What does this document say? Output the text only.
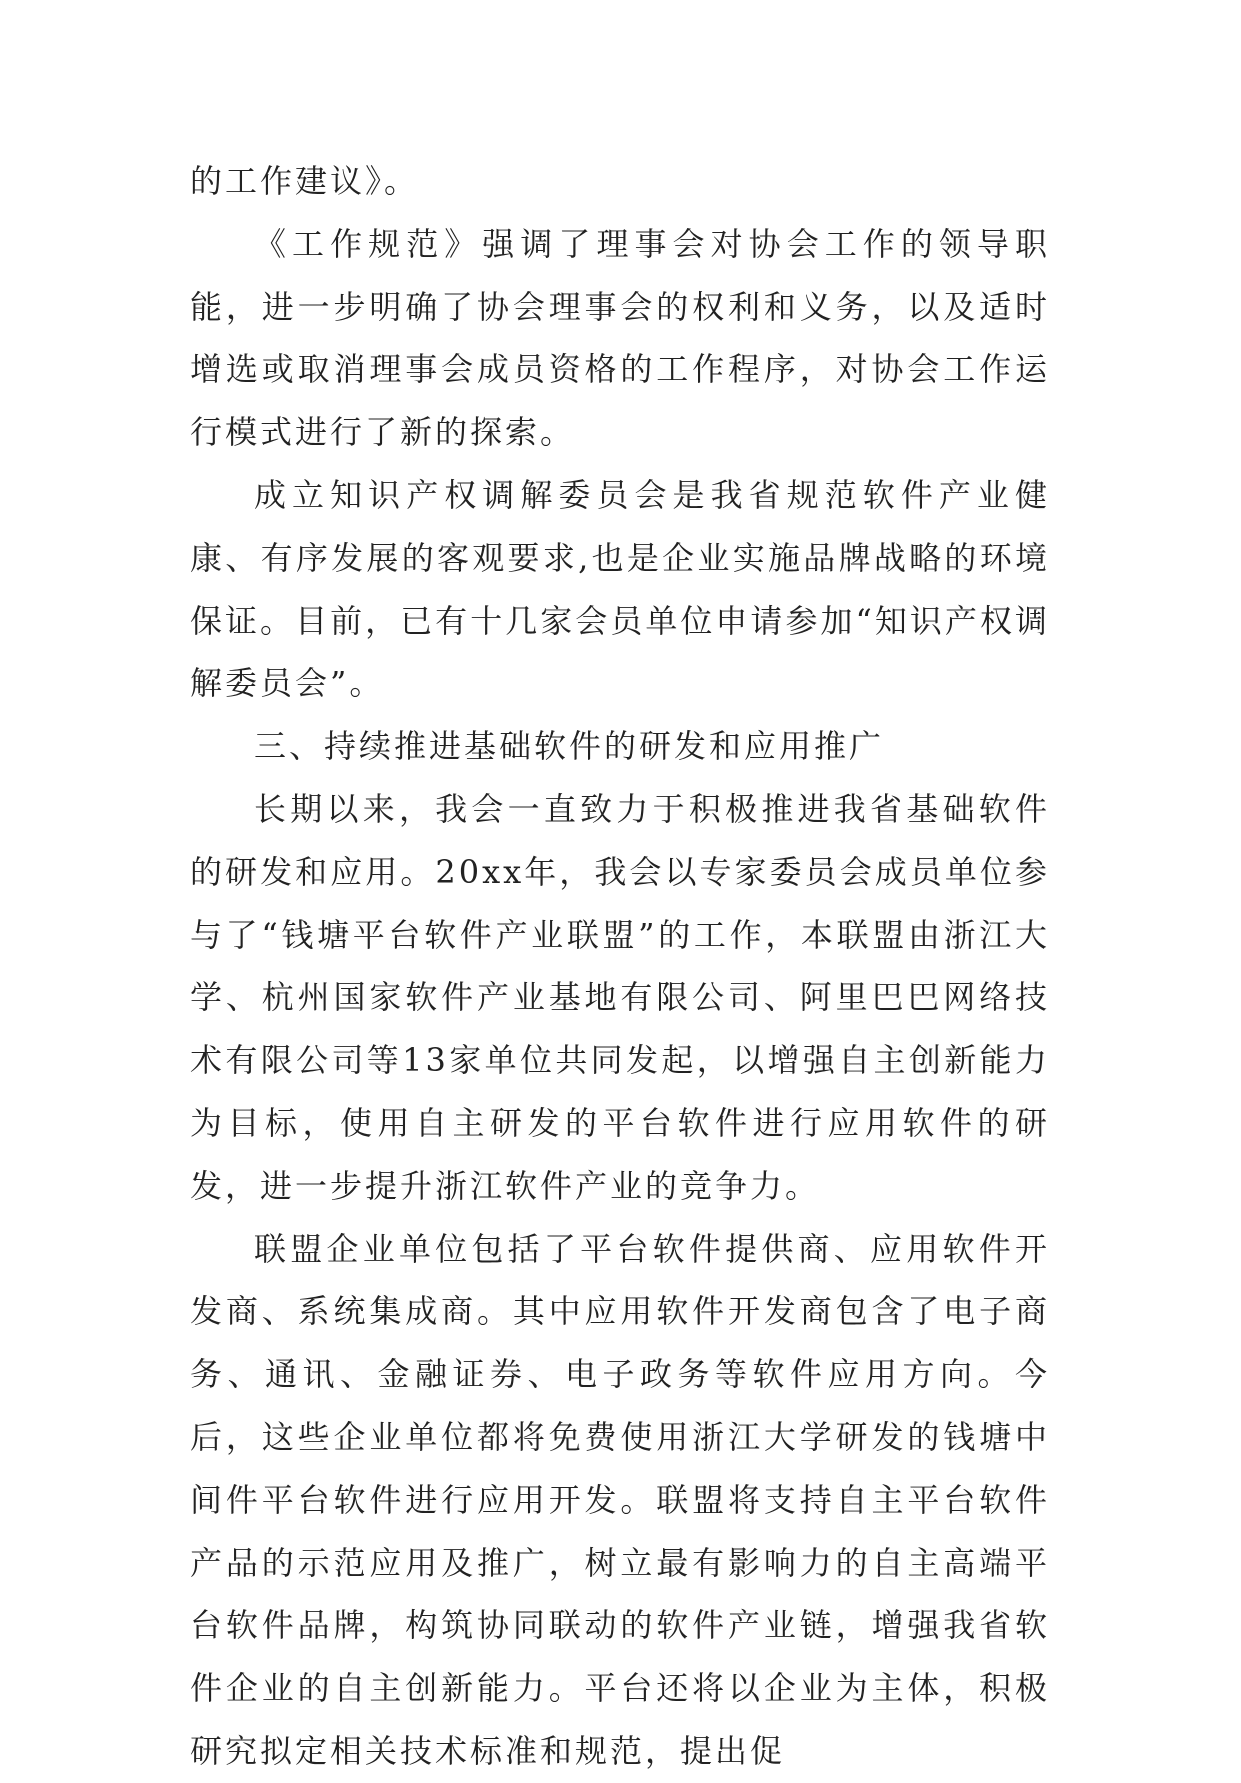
的工作建议》。

《工作规范》强调了理事会对协会工作的领导职能，进一步明确了协会理事会的权利和义务，以及适时增选或取消理事会成员资格的工作程序，对协会工作运行模式进行了新的探索。

成立知识产权调解委员会是我省规范软件产业健康、有序发展的客观要求,也是企业实施品牌战略的环境保证。目前，已有十几家会员单位申请参加“知识产权调解委员会”。

三、持续推进基础软件的研发和应用推广

长期以来，我会一直致力于积极推进我省基础软件的研发和应用。20xx年，我会以专家委员会成员单位参与了“钱塘平台软件产业联盟”的工作，本联盟由浙江大学、杭州国家软件产业基地有限公司、阿里巴巴网络技术有限公司等13家单位共同发起，以增强自主创新能力为目标，使用自主研发的平台软件进行应用软件的研发，进一步提升浙江软件产业的竞争力。

联盟企业单位包括了平台软件提供商、应用软件开发商、系统集成商。其中应用软件开发商包含了电子商务、通讯、金融证券、电子政务等软件应用方向。今后，这些企业单位都将免费使用浙江大学研发的钱塘中间件平台软件进行应用开发。联盟将支持自主平台软件产品的示范应用及推广，树立最有影响力的自主高端平台软件品牌，构筑协同联动的软件产业链，增强我省软件企业的自主创新能力。平台还将以企业为主体，积极研究拟定相关技术标准和规范，提出促
